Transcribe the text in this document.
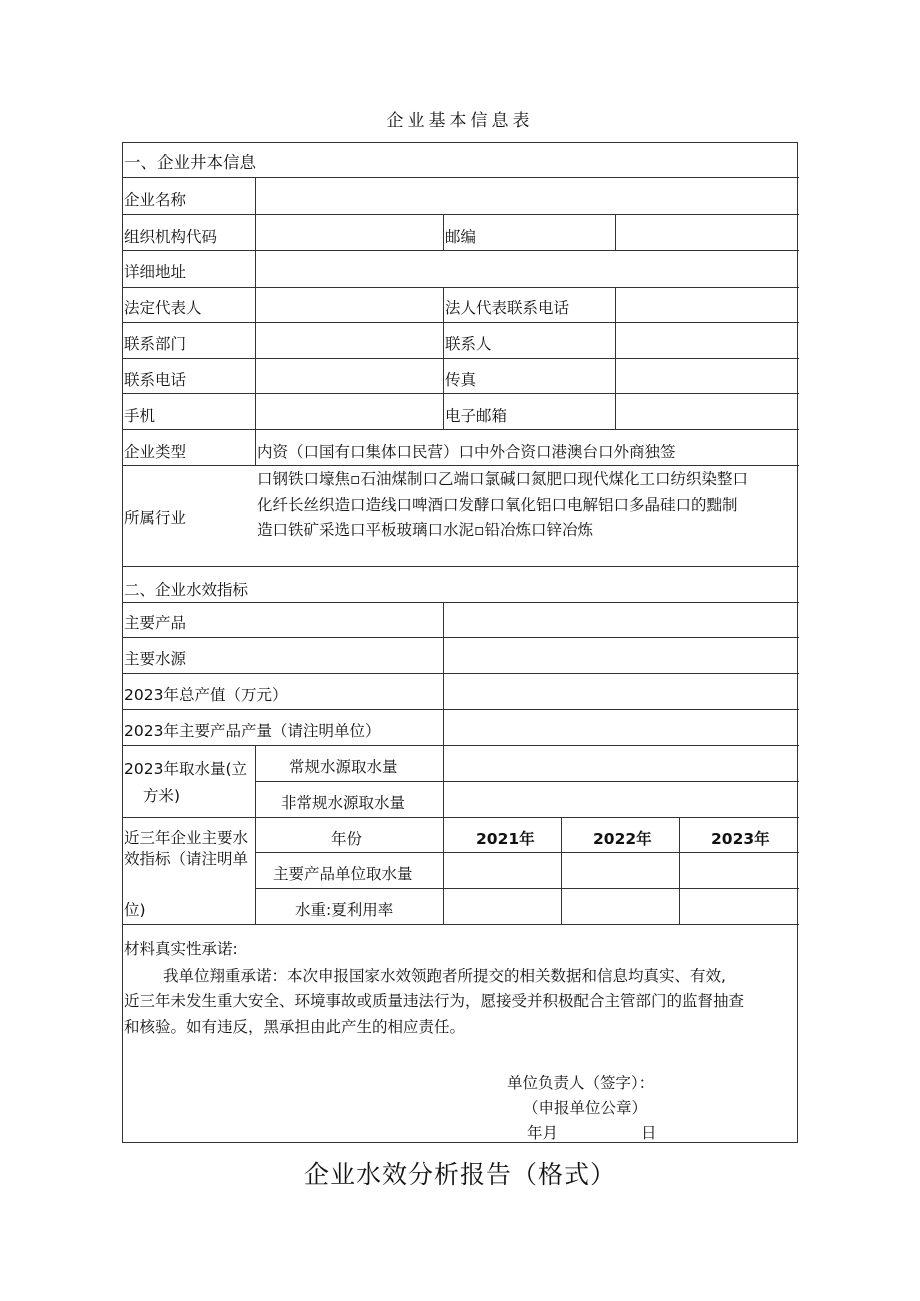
企业基本信息表
一、企业井本信息
企业名称
组织机构代码	邮编
详细地址
法定代表人	法人代表联系电话
联系部门	联系人
联系电话	传真
手机	电子邮箱
企业类型	内资（口国有口集体口民营）口中外合资口港澳台口外商独签
所属行业
口钢铁口壕焦▫石油煤制口乙端口氯碱口氮肥口现代煤化工口纺织染整口
化纤长丝织造口造线口啤酒口发酵口氧化铝口电解铝口多晶硅口的黜制
造口铁矿采选口平板玻璃口水泥▫铅冶炼口锌冶炼
二、企业水效指标
主要产品
主要水源
2023年总产值（万元）
2023年主要产品产量（请注明单位）
2023年取水量(立
方米)
常规水源取水量
非常规水源取水量
近三年企业主要水效指标（请注明单
位)
年份	2021年	2022年	2023年
主要产品单位取水量
水重:夏利用率
材料真实性承诺:
我单位翔重承诺：本次申报国家水效领跑者所提交的相关数据和信息均真实、有效,
近三年未发生重大安全、环境事故或质量违法行为，愿接受并积极配合主管部门的监督抽查
和核验。如有违反，黑承担由此产生的相应责任。
单位负责人（签字）：
（申报单位公章）
年月	日
企业水效分析报告（格式）
